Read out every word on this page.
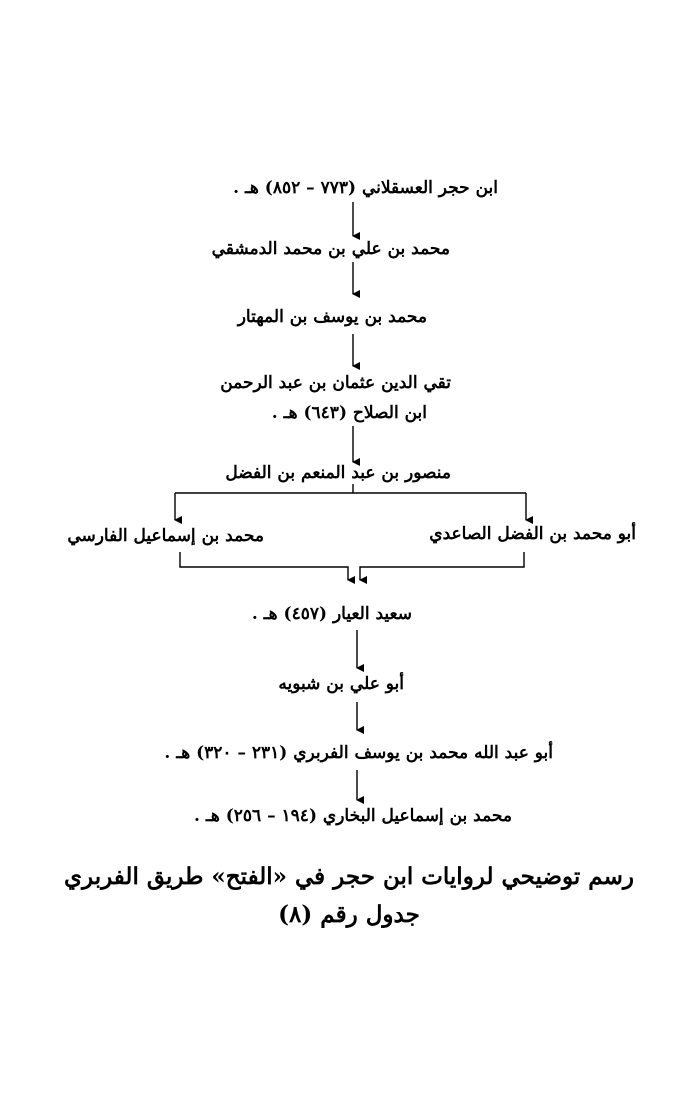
ابن حجر العسقلاني (٧٧٣ – ٨٥٢) هـ .
محمد بن علي بن محمد الدمشقي
محمد بن يوسف بن المهتار
تقي الدين عثمان بن عبد الرحمن
ابن الصلاح (٦٤٣) هـ .
منصور بن عبد المنعم بن الفضل
أبو محمد بن الفضل الصاعدي
محمد بن إسماعيل الفارسي
سعيد العيار (٤٥٧) هـ .
أبو علي بن شبويه
أبو عبد الله محمد بن يوسف الفربري (٢٣١ – ٣٢٠) هـ .
محمد بن إسماعيل البخاري (١٩٤ – ٢٥٦) هـ .
رسم توضيحي لروايات ابن حجر في «الفتح» طريق الفربري
جدول رقم (٨)
